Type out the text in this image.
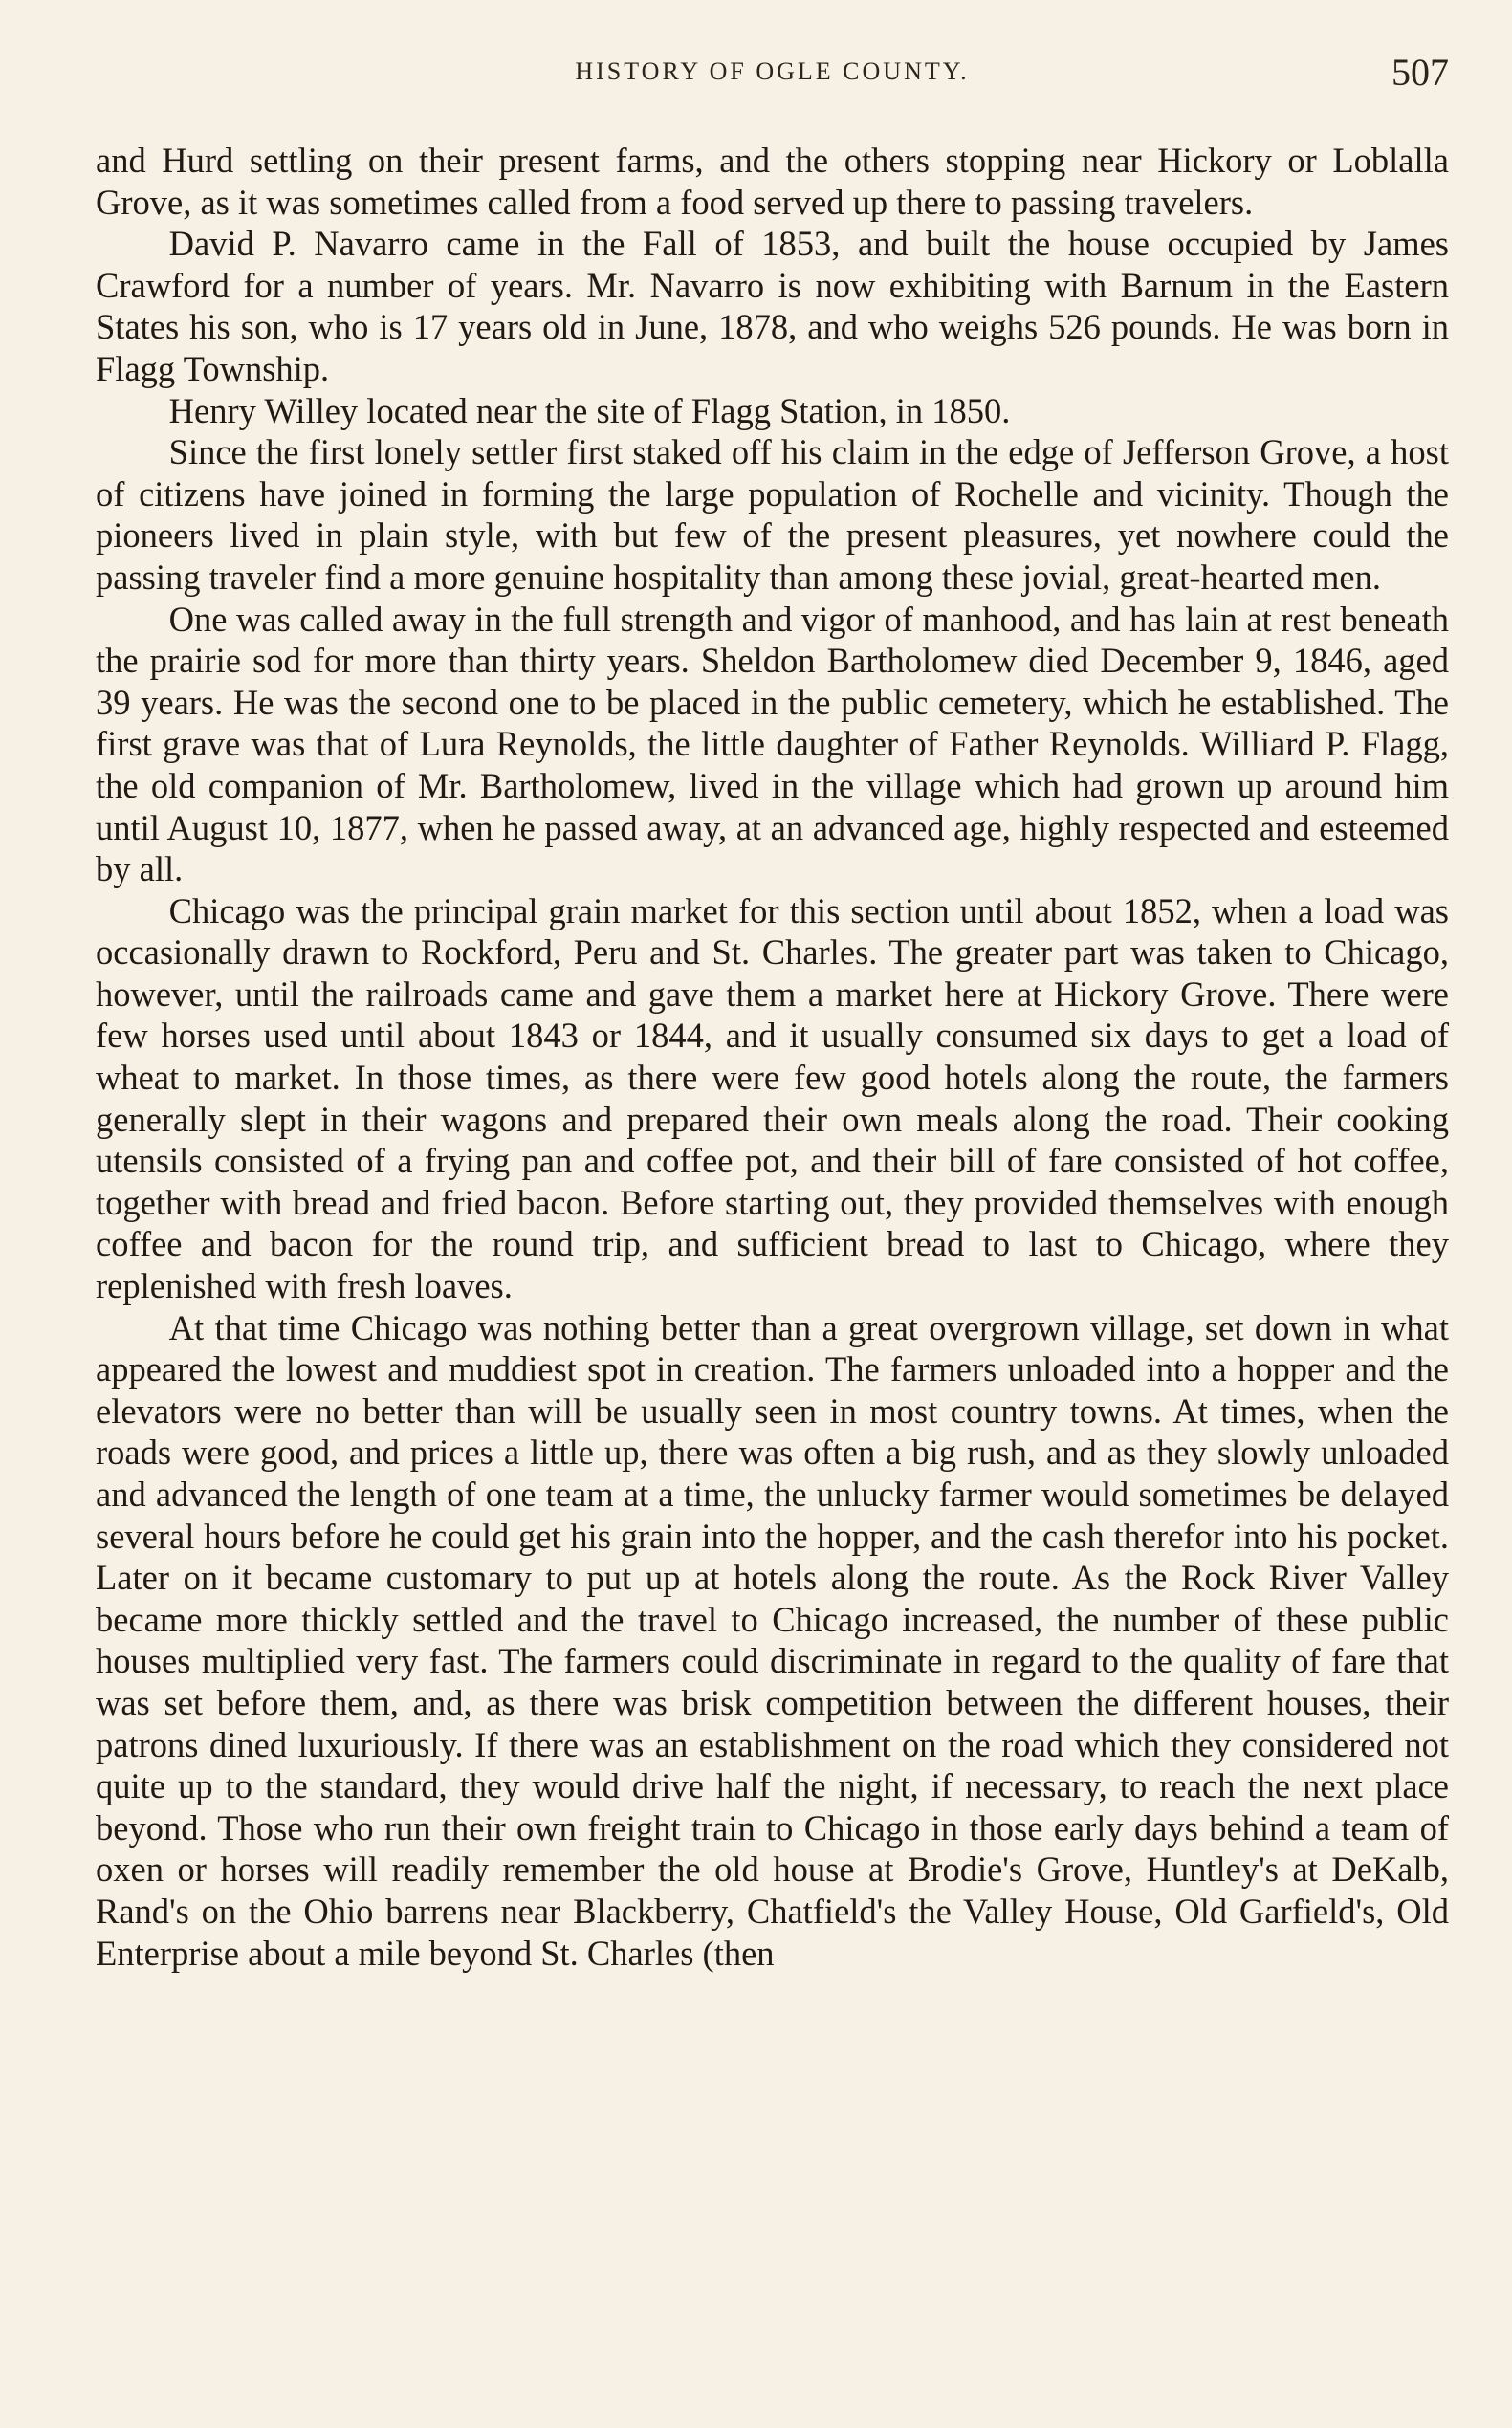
HISTORY OF OGLE COUNTY.	507

and Hurd settling on their present farms, and the others stopping near Hickory or Loblalla Grove, as it was sometimes called from a food served up there to passing travelers.

David P. Navarro came in the Fall of 1853, and built the house occupied by James Crawford for a number of years. Mr. Navarro is now exhibiting with Barnum in the Eastern States his son, who is 17 years old in June, 1878, and who weighs 526 pounds. He was born in Flagg Township.

Henry Willey located near the site of Flagg Station, in 1850.

Since the first lonely settler first staked off his claim in the edge of Jefferson Grove, a host of citizens have joined in forming the large population of Rochelle and vicinity. Though the pioneers lived in plain style, with but few of the present pleasures, yet nowhere could the passing traveler find a more genuine hospitality than among these jovial, great-hearted men.

One was called away in the full strength and vigor of manhood, and has lain at rest beneath the prairie sod for more than thirty years. Sheldon Bartholomew died December 9, 1846, aged 39 years. He was the second one to be placed in the public cemetery, which he established. The first grave was that of Lura Reynolds, the little daughter of Father Reynolds. Williard P. Flagg, the old companion of Mr. Bartholomew, lived in the village which had grown up around him until August 10, 1877, when he passed away, at an advanced age, highly respected and esteemed by all.

Chicago was the principal grain market for this section until about 1852, when a load was occasionally drawn to Rockford, Peru and St. Charles. The greater part was taken to Chicago, however, until the railroads came and gave them a market here at Hickory Grove. There were few horses used until about 1843 or 1844, and it usually consumed six days to get a load of wheat to market. In those times, as there were few good hotels along the route, the farmers generally slept in their wagons and prepared their own meals along the road. Their cooking utensils consisted of a frying pan and coffee pot, and their bill of fare consisted of hot coffee, together with bread and fried bacon. Before starting out, they provided themselves with enough coffee and bacon for the round trip, and sufficient bread to last to Chicago, where they replenished with fresh loaves.

At that time Chicago was nothing better than a great overgrown village, set down in what appeared the lowest and muddiest spot in creation. The farmers unloaded into a hopper and the elevators were no better than will be usually seen in most country towns. At times, when the roads were good, and prices a little up, there was often a big rush, and as they slowly unloaded and advanced the length of one team at a time, the unlucky farmer would sometimes be delayed several hours before he could get his grain into the hopper, and the cash therefor into his pocket. Later on it became customary to put up at hotels along the route. As the Rock River Valley became more thickly settled and the travel to Chicago increased, the number of these public houses multiplied very fast. The farmers could discriminate in regard to the quality of fare that was set before them, and, as there was brisk competition between the different houses, their patrons dined luxuriously. If there was an establishment on the road which they considered not quite up to the standard, they would drive half the night, if necessary, to reach the next place beyond. Those who run their own freight train to Chicago in those early days behind a team of oxen or horses will readily remember the old house at Brodie's Grove, Huntley's at DeKalb, Rand's on the Ohio barrens near Blackberry, Chatfield's the Valley House, Old Garfield's, Old Enterprise about a mile beyond St. Charles (then
